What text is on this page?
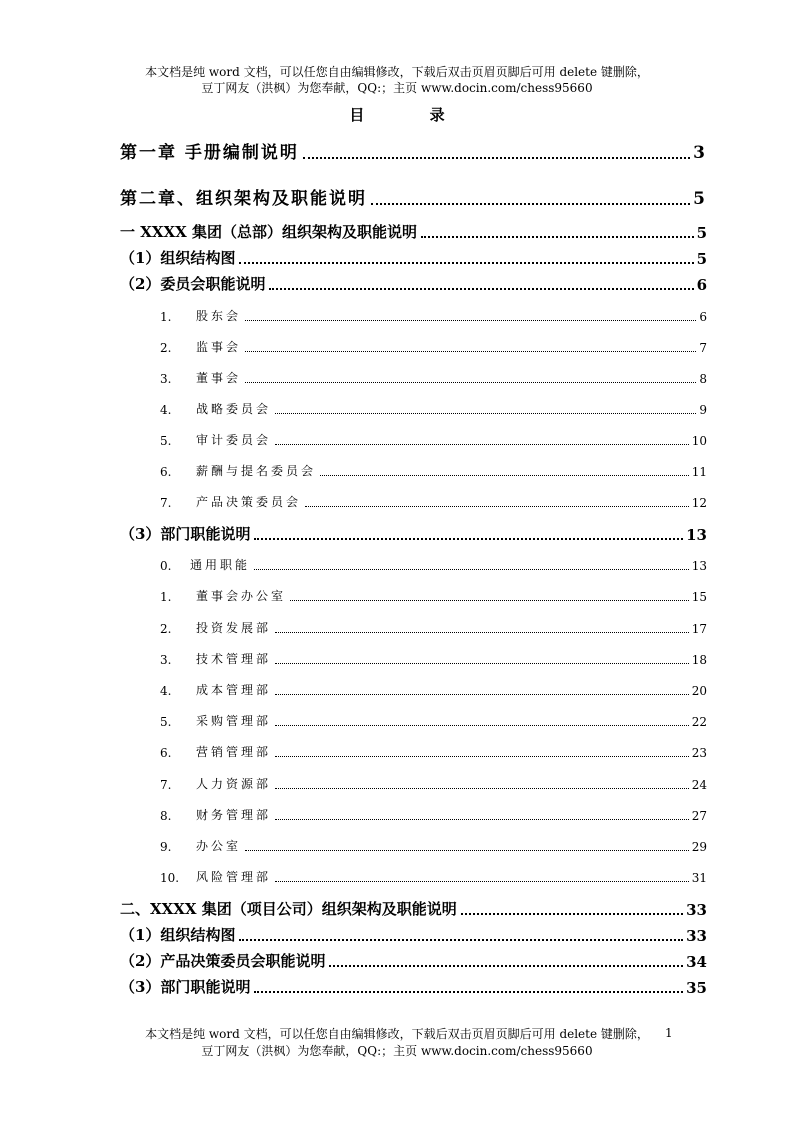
本文档是纯 word 文档，可以任您自由编辑修改，下载后双击页眉页脚后可用 delete 键删除，
豆丁网友（洪枫）为您奉献，QQ:；主页 www.docin.com/chess95660
目 录
第一章 手册编制说明	3
第二章、组织架构及职能说明	5
一 XXXX 集团（总部）组织架构及职能说明	5
（1）组织结构图	5
（2）委员会职能说明	6
1.	股东会	6
2.	监事会	7
3.	董事会	8
4.	战略委员会	9
5.	审计委员会	10
6.	薪酬与提名委员会	11
7.	产品决策委员会	12
（3）部门职能说明	13
0.	通用职能	13
1.	董事会办公室	15
2.	投资发展部	17
3.	技术管理部	18
4.	成本管理部	20
5.	采购管理部	22
6.	营销管理部	23
7.	人力资源部	24
8.	财务管理部	27
9.	办公室	29
10.	风险管理部	31
二、XXXX 集团（项目公司）组织架构及职能说明	33
（1）组织结构图	33
（2）产品决策委员会职能说明	34
（3）部门职能说明	35
本文档是纯 word 文档，可以任您自由编辑修改，下载后双击页眉页脚后可用 delete 键删除，	1
豆丁网友（洪枫）为您奉献，QQ:；主页 www.docin.com/chess95660
